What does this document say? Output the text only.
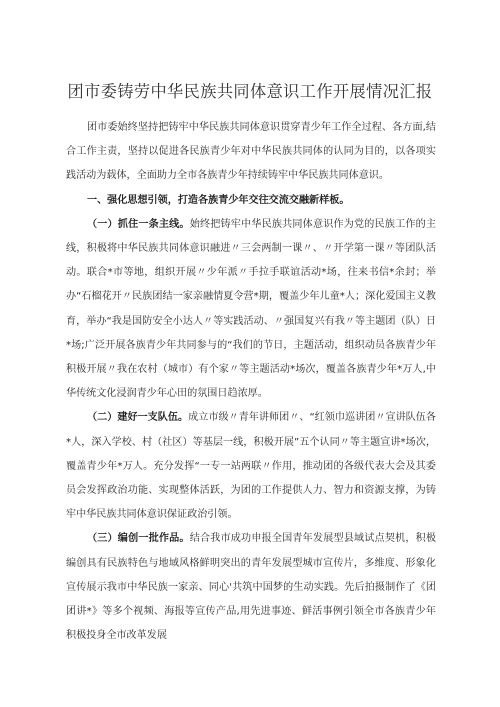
团市委铸劳中华民族共同体意识工作开展情况汇报

团市委始终坚持把铸牢中华民族共同体意识贯穿青少年工作全过程、各方面,结合工作主责，坚持以促进各民族青少年对中华民族共同体的认同为目的，以各项实践活动为载体，全面助力全市各族青少年持续铸牢中华民族共同体意识。

一、强化思想引领，打造各族青少年交往交流交融新样板。

（一）抓住一条主线。始终把铸牢中华民族共同体意识作为党的民族工作的主线，积极将中华民族共同体意识融进〃三会两制一课〃、〃开学第一课〃等团队活动。联合*市等地，组织开展〃少年派〃手拉手联谊活动*场，往来书信*余封；举办“石榴花开〃民族团结一家亲融情夏令营*期，覆盖少年儿童*人；深化爱国主义教育，举办“我是国防安全小达人〃等实践活动、〃强国复兴有我〃等主题团（队）日*场;广泛开展各族青少年共同参与的“我们的节日，主题活动，组织动员各族青少年积极开展〃我在农村（城市）有个家〃等主题活动*场次，覆盖各族青少年*万人,中华传统文化浸润青少年心田的氛围日趋浓厚。

（二）建好一支队伍。成立市级〃青年讲师团〃、“红领巾巡讲团〃宣讲队伍各*人，深入学校、村（社区）等基层一线，积极开展”五个认同〃等主题宣讲*场次，覆盖青少年*万人。充分发挥“一专一站两联〃作用，推动团的各级代表大会及其委员会发挥政治功能、实现整体活跃，为团的工作提供人力、智力和资源支撑，为铸牢中华民族共同体意识保证政治引领。

（三）编创一批作品。结合我市成功申报全国青年发展型县域试点契机，积极编创具有民族特色与地域风格鲜明突出的青年发展型城市宣传片，多维度、形象化宣传展示我市中华民族一家亲、同心'共筑中国梦的生动实践。先后拍摄制作了《团团讲*》等多个视频、海报等宣传产品,用先进事迹、鲜活事例引领全市各族青少年积极投身全市改革发展
